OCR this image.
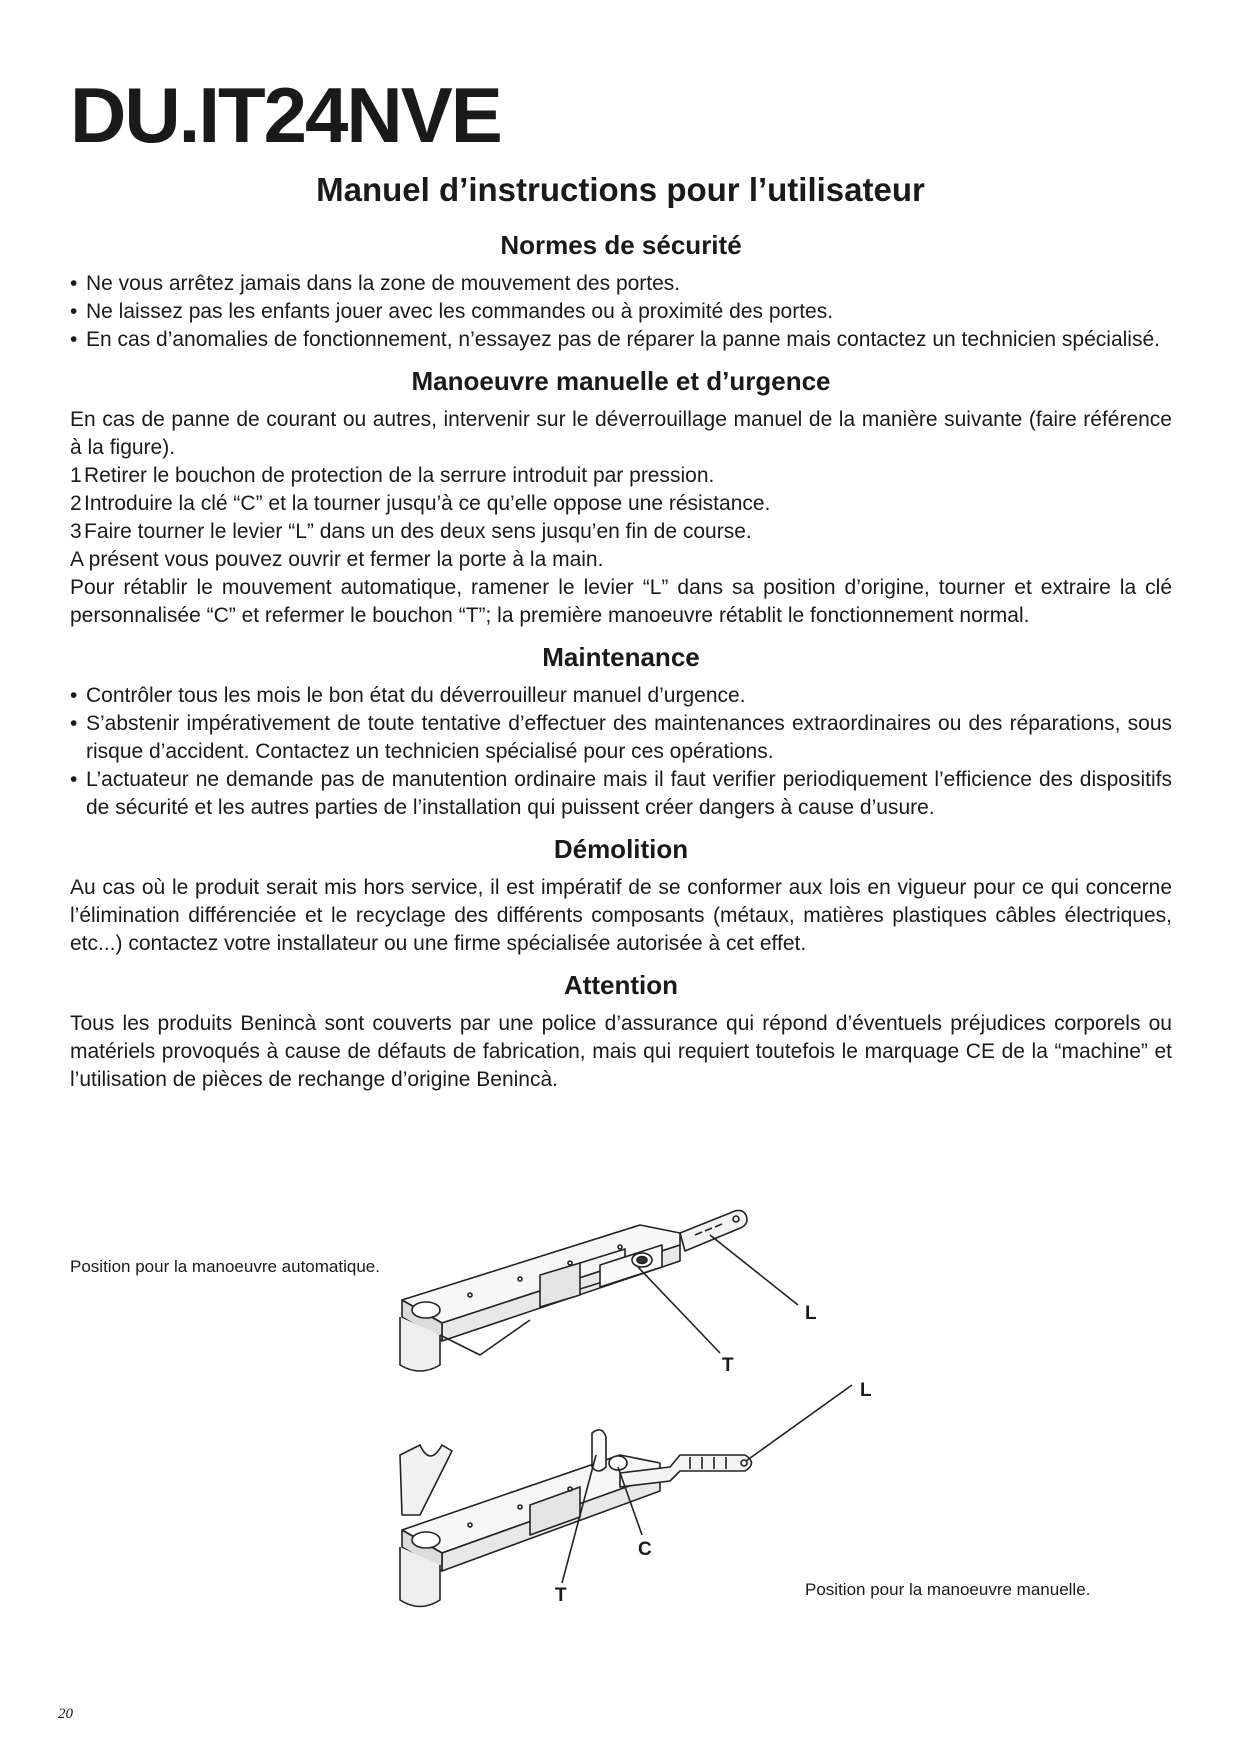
DU.IT24NVE
Manuel d’instructions pour l’utilisateur
Normes de sécurité
• Ne vous arrêtez jamais dans la zone de mouvement des portes.
• Ne laissez pas les enfants jouer avec les commandes ou à proximité des portes.
• En cas d’anomalies de fonctionnement, n’essayez pas de réparer la panne mais contactez un technicien spécialisé.
Manoeuvre manuelle et d’urgence

En cas de panne de courant ou autres, intervenir sur le déverrouillage manuel de la manière suivante (faire référence à la figure).

1 Retirer le bouchon de protection de la serrure introduit par pression.
2 Introduire la clé “C” et la tourner jusqu’à ce qu’elle oppose une résistance.
3 Faire tourner le levier “L” dans un des deux sens jusqu’en fin de course.

A présent vous pouvez ouvrir et fermer la porte à la main.

Pour rétablir le mouvement automatique, ramener le levier “L” dans sa position d’origine, tourner et extraire la clé personnalisée “C” et refermer le bouchon “T”; la première manoeuvre rétablit le fonctionnement normal.

Maintenance
• Contrôler tous les mois le bon état du déverrouilleur manuel d’urgence.
• S’abstenir impérativement de toute tentative d’effectuer des maintenances extraordinaires ou des réparations, sous risque d’accident. Contactez un technicien spécialisé pour ces opérations.
• L’actuateur ne demande pas de manutention ordinaire mais il faut verifier periodiquement l’efficience des dispositifs de sécurité et les autres parties de l’installation qui puissent créer dangers à cause d’usure.
Démolition

Au cas où le produit serait mis hors service, il est impératif de se conformer aux lois en vigueur pour ce qui concerne l’élimination différenciée et le recyclage des différents composants (métaux, matières plastiques câbles électriques, etc...) contactez votre installateur ou une firme spécialisée autorisée à cet effet.

Attention

Tous les produits Benincà sont couverts par une police d’assurance qui répond d’éventuels préjudices corporels ou matériels provoqués à cause de défauts de fabrication, mais qui requiert toutefois le marquage CE de la “machine” et l’utilisation de pièces de rechange d’origine Benincà.

Position pour la manoeuvre automatique.
Position pour la manoeuvre manuelle.
L
T
L
C
T
20
